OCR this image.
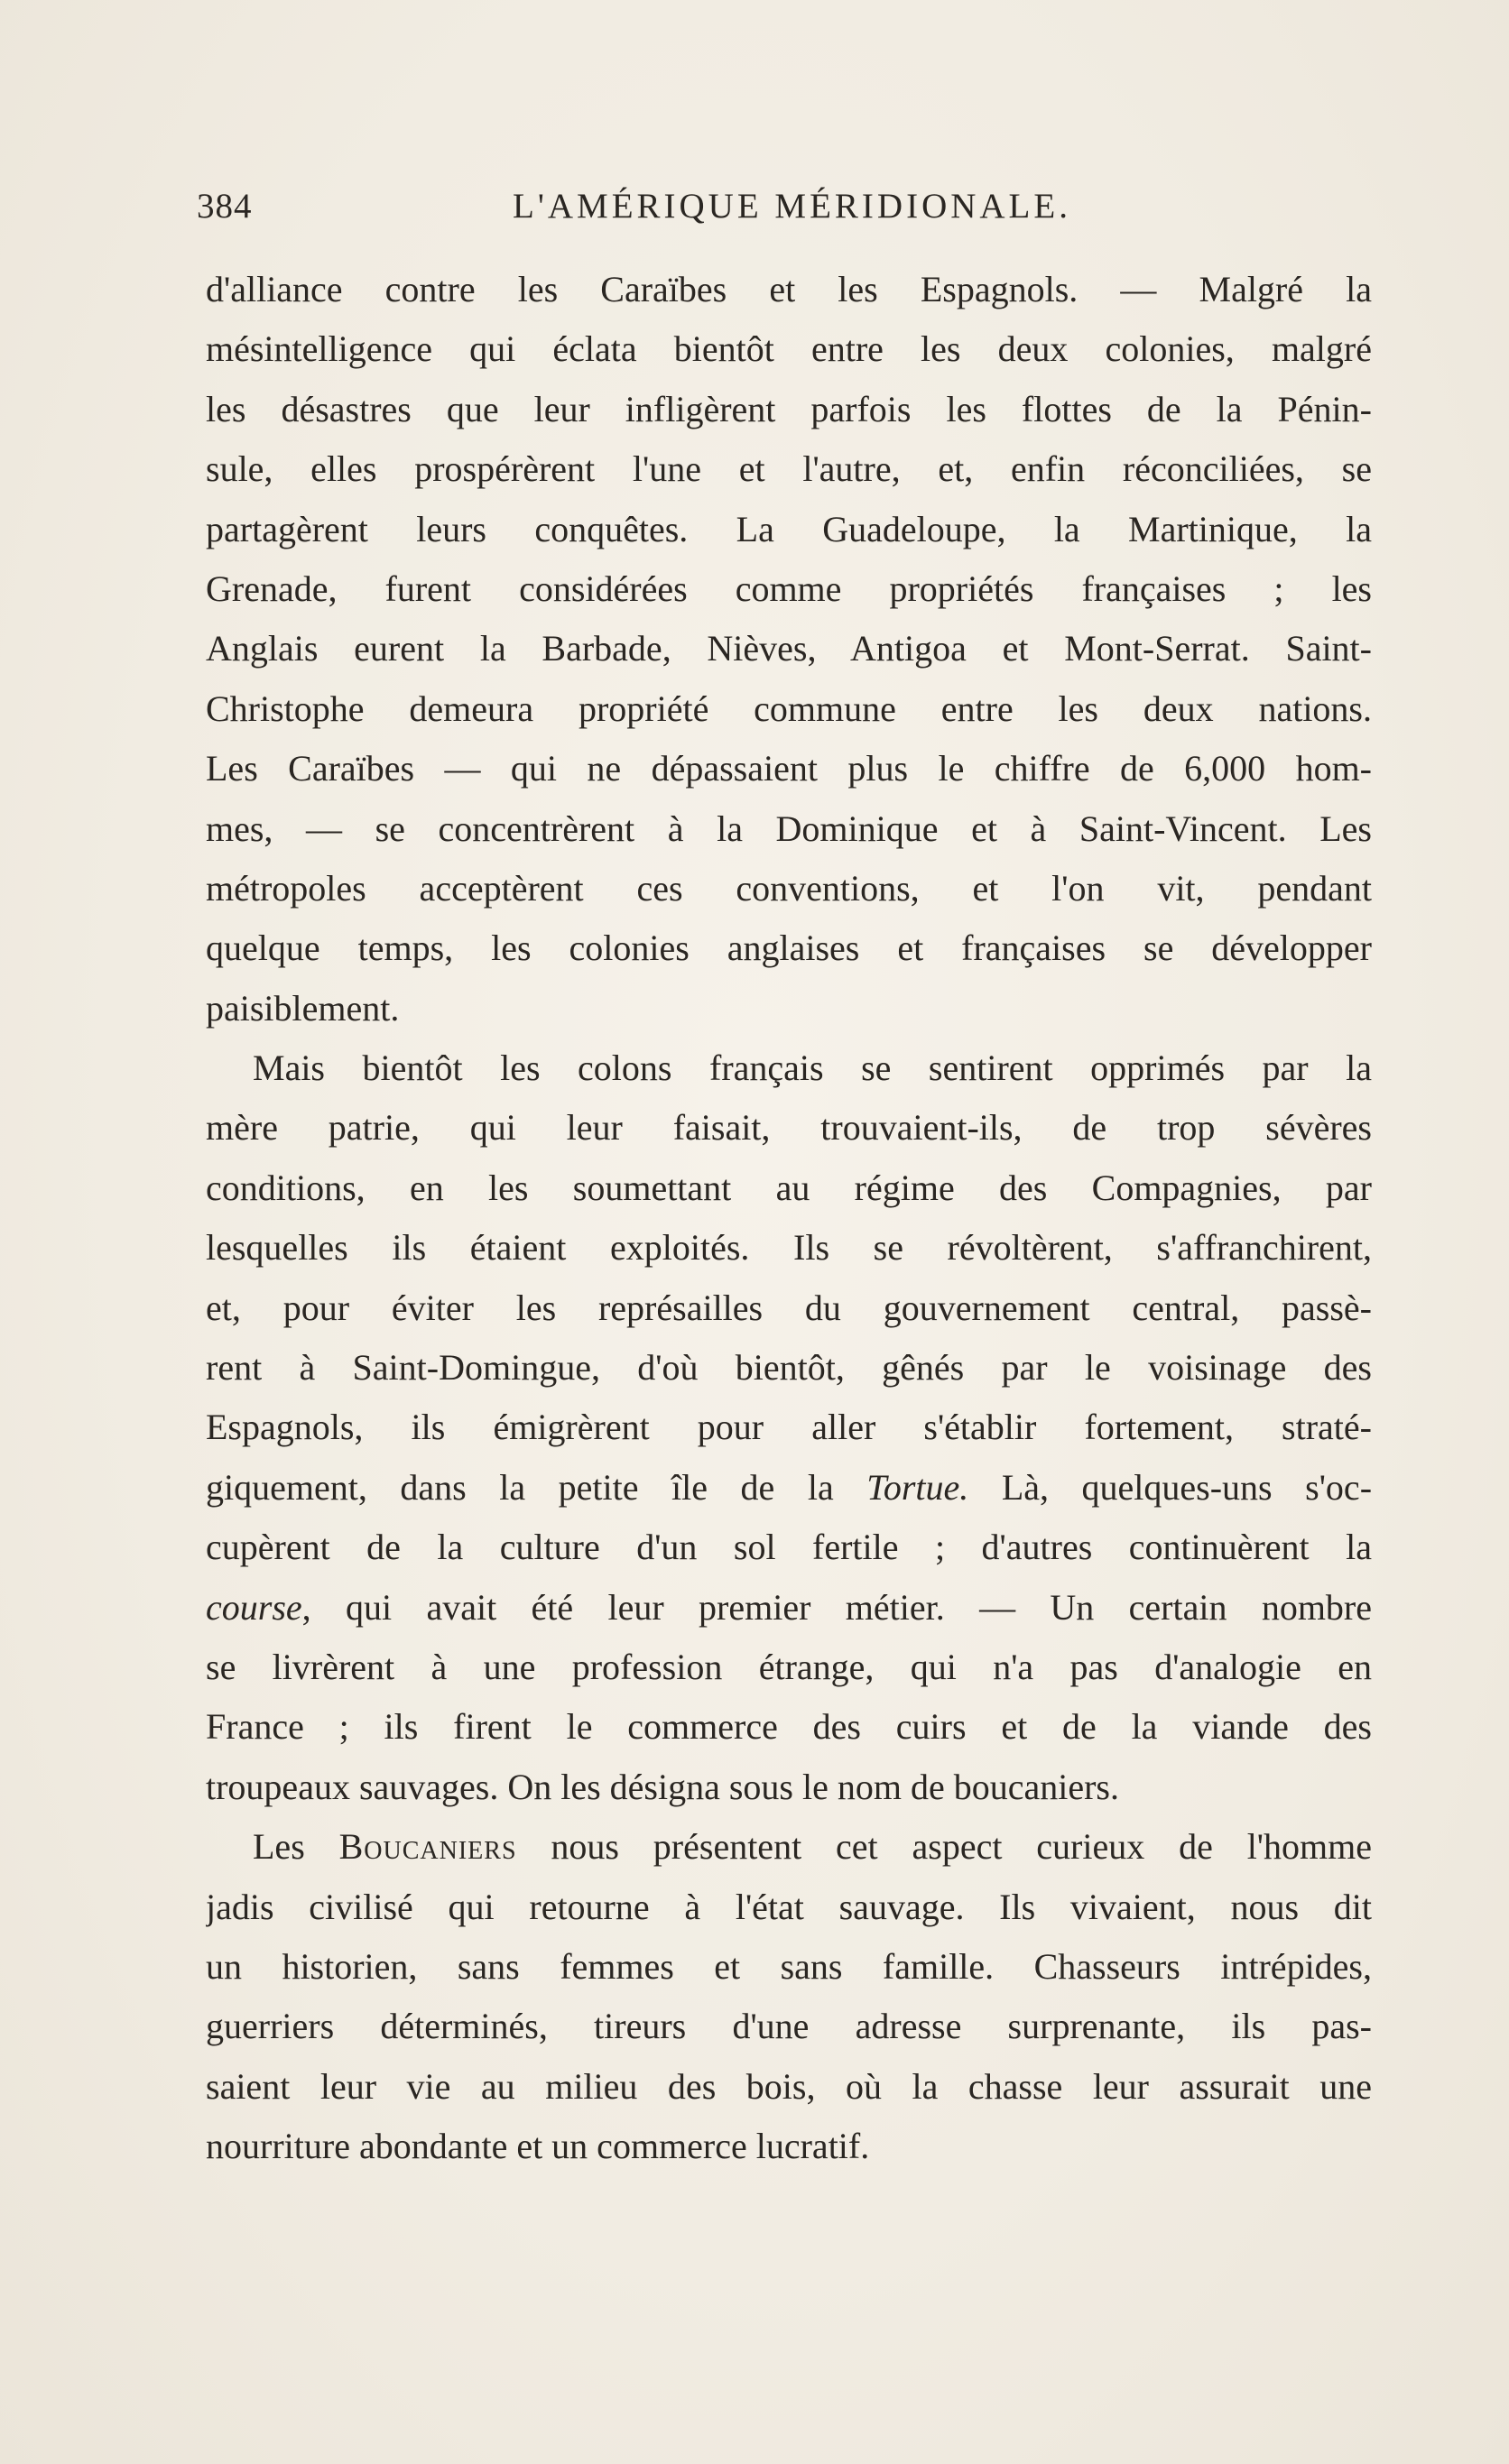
384	L'AMÉRIQUE MÉRIDIONALE.
d'alliance contre les Caraïbes et les Espagnols. — Malgré la
mésintelligence qui éclata bientôt entre les deux colonies, malgré
les désastres que leur infligèrent parfois les flottes de la Pénin-
sule, elles prospérèrent l'une et l'autre, et, enfin réconciliées, se
partagèrent leurs conquêtes. La Guadeloupe, la Martinique, la
Grenade, furent considérées comme propriétés françaises ; les
Anglais eurent la Barbade, Nièves, Antigoa et Mont-Serrat. Saint-
Christophe demeura propriété commune entre les deux nations.
Les Caraïbes — qui ne dépassaient plus le chiffre de 6,000 hom-
mes, — se concentrèrent à la Dominique et à Saint-Vincent. Les
métropoles acceptèrent ces conventions, et l'on vit, pendant
quelque temps, les colonies anglaises et françaises se développer
paisiblement.
Mais bientôt les colons français se sentirent opprimés par la
mère patrie, qui leur faisait, trouvaient-ils, de trop sévères
conditions, en les soumettant au régime des Compagnies, par
lesquelles ils étaient exploités. Ils se révoltèrent, s'affranchirent,
et, pour éviter les représailles du gouvernement central, passè-
rent à Saint-Domingue, d'où bientôt, gênés par le voisinage des
Espagnols, ils émigrèrent pour aller s'établir fortement, straté-
giquement, dans la petite île de la Tortue. Là, quelques-uns s'oc-
cupèrent de la culture d'un sol fertile ; d'autres continuèrent la
course, qui avait été leur premier métier. — Un certain nombre
se livrèrent à une profession étrange, qui n'a pas d'analogie en
France ; ils firent le commerce des cuirs et de la viande des
troupeaux sauvages. On les désigna sous le nom de boucaniers.
Les Boucaniers nous présentent cet aspect curieux de l'homme
jadis civilisé qui retourne à l'état sauvage. Ils vivaient, nous dit
un historien, sans femmes et sans famille. Chasseurs intrépides,
guerriers déterminés, tireurs d'une adresse surprenante, ils pas-
saient leur vie au milieu des bois, où la chasse leur assurait une
nourriture abondante et un commerce lucratif.
